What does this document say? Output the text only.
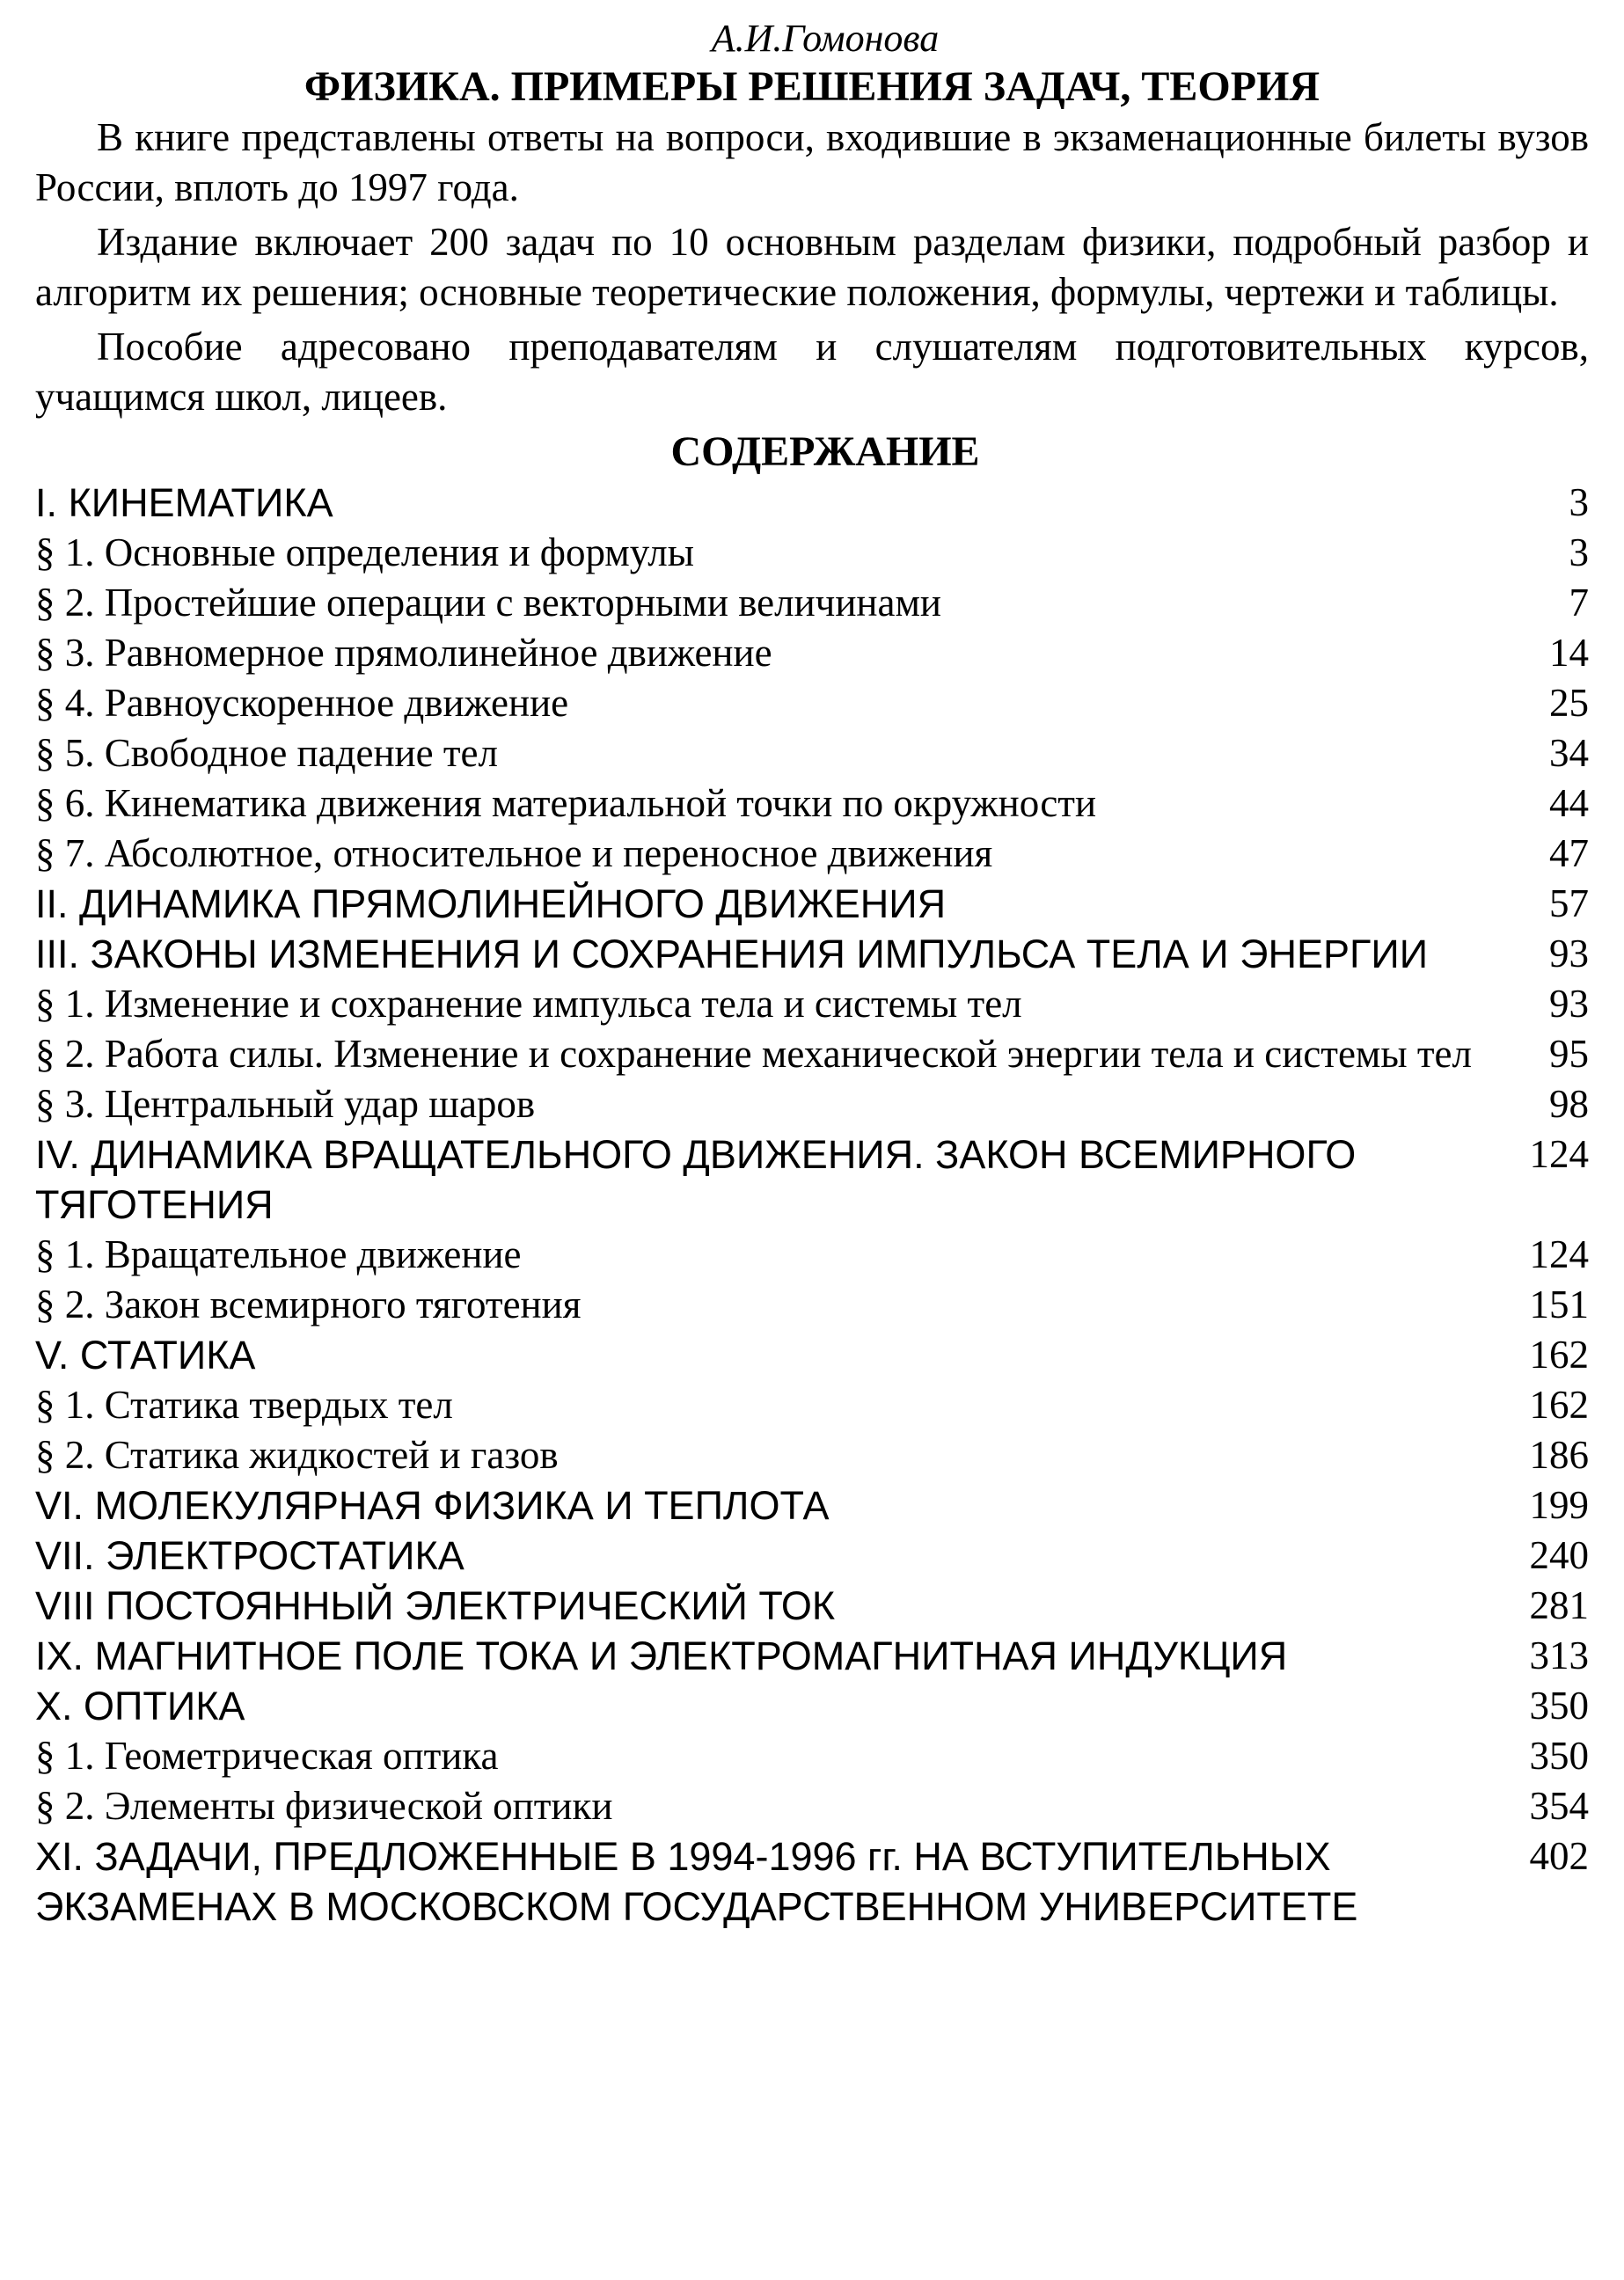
А.И.Гомонова
ФИЗИКА. ПРИМЕРЫ РЕШЕНИЯ ЗАДАЧ, ТЕОРИЯ

В книге представлены ответы на вопроси, входившие в экзаменационные билеты вузов России, вплоть до 1997 года.

Издание включает 200 задач по 10 основным разделам физики, подробный разбор и алгоритм их решения; основные теоретические положения, формулы, чертежи и таблицы.

Пособие адресовано преподавателям и слушателям подготовительных курсов, учащимся школ, лицеев.

СОДЕРЖАНИЕ
I. КИНЕМАТИКА	3
§ 1. Основные определения и формулы	3
§ 2. Простейшие операции с векторными величинами	7
§ 3. Равномерное прямолинейное движение	14
§ 4. Равноускоренное движение	25
§ 5. Свободное падение тел	34
§ 6. Кинематика движения материальной точки по окружности	44
§ 7. Абсолютное, относительное и переносное движения	47
II. ДИНАМИКА ПРЯМОЛИНЕЙНОГО ДВИЖЕНИЯ	57
III. ЗАКОНЫ ИЗМЕНЕНИЯ И СОХРАНЕНИЯ ИМПУЛЬСА ТЕЛА И ЭНЕРГИИ	93
§ 1. Изменение и сохранение импульса тела и системы тел	93
§ 2. Работа силы. Изменение и сохранение механической энергии тела и системы тел	95
§ 3. Центральный удар шаров	98
IV. ДИНАМИКА ВРАЩАТЕЛЬНОГО ДВИЖЕНИЯ. ЗАКОН ВСЕМИРНОГО ТЯГОТЕНИЯ
124
§ 1. Вращательное движение	124
§ 2. Закон всемирного тяготения	151
V. СТАТИКА	162
§ 1. Статика твердых тел	162
§ 2. Статика жидкостей и газов	186
VI. МОЛЕКУЛЯРНАЯ ФИЗИКА И ТЕПЛОТА	199
VII. ЭЛЕКТРОСТАТИКА	240
VIII ПОСТОЯННЫЙ ЭЛЕКТРИЧЕСКИЙ ТОК	281
IX. МАГНИТНОЕ ПОЛЕ ТОКА И ЭЛЕКТРОМАГНИТНАЯ ИНДУКЦИЯ	313
X. ОПТИКА	350
§ 1. Геометрическая оптика	350
§ 2. Элементы физической оптики	354
XI. ЗАДАЧИ, ПРЕДЛОЖЕННЫЕ В 1994-1996 гг. НА ВСТУПИТЕЛЬНЫХ ЭКЗАМЕНАХ В МОСКОВСКОМ ГОСУДАРСТВЕННОМ УНИВЕРСИТЕТЕ
402
